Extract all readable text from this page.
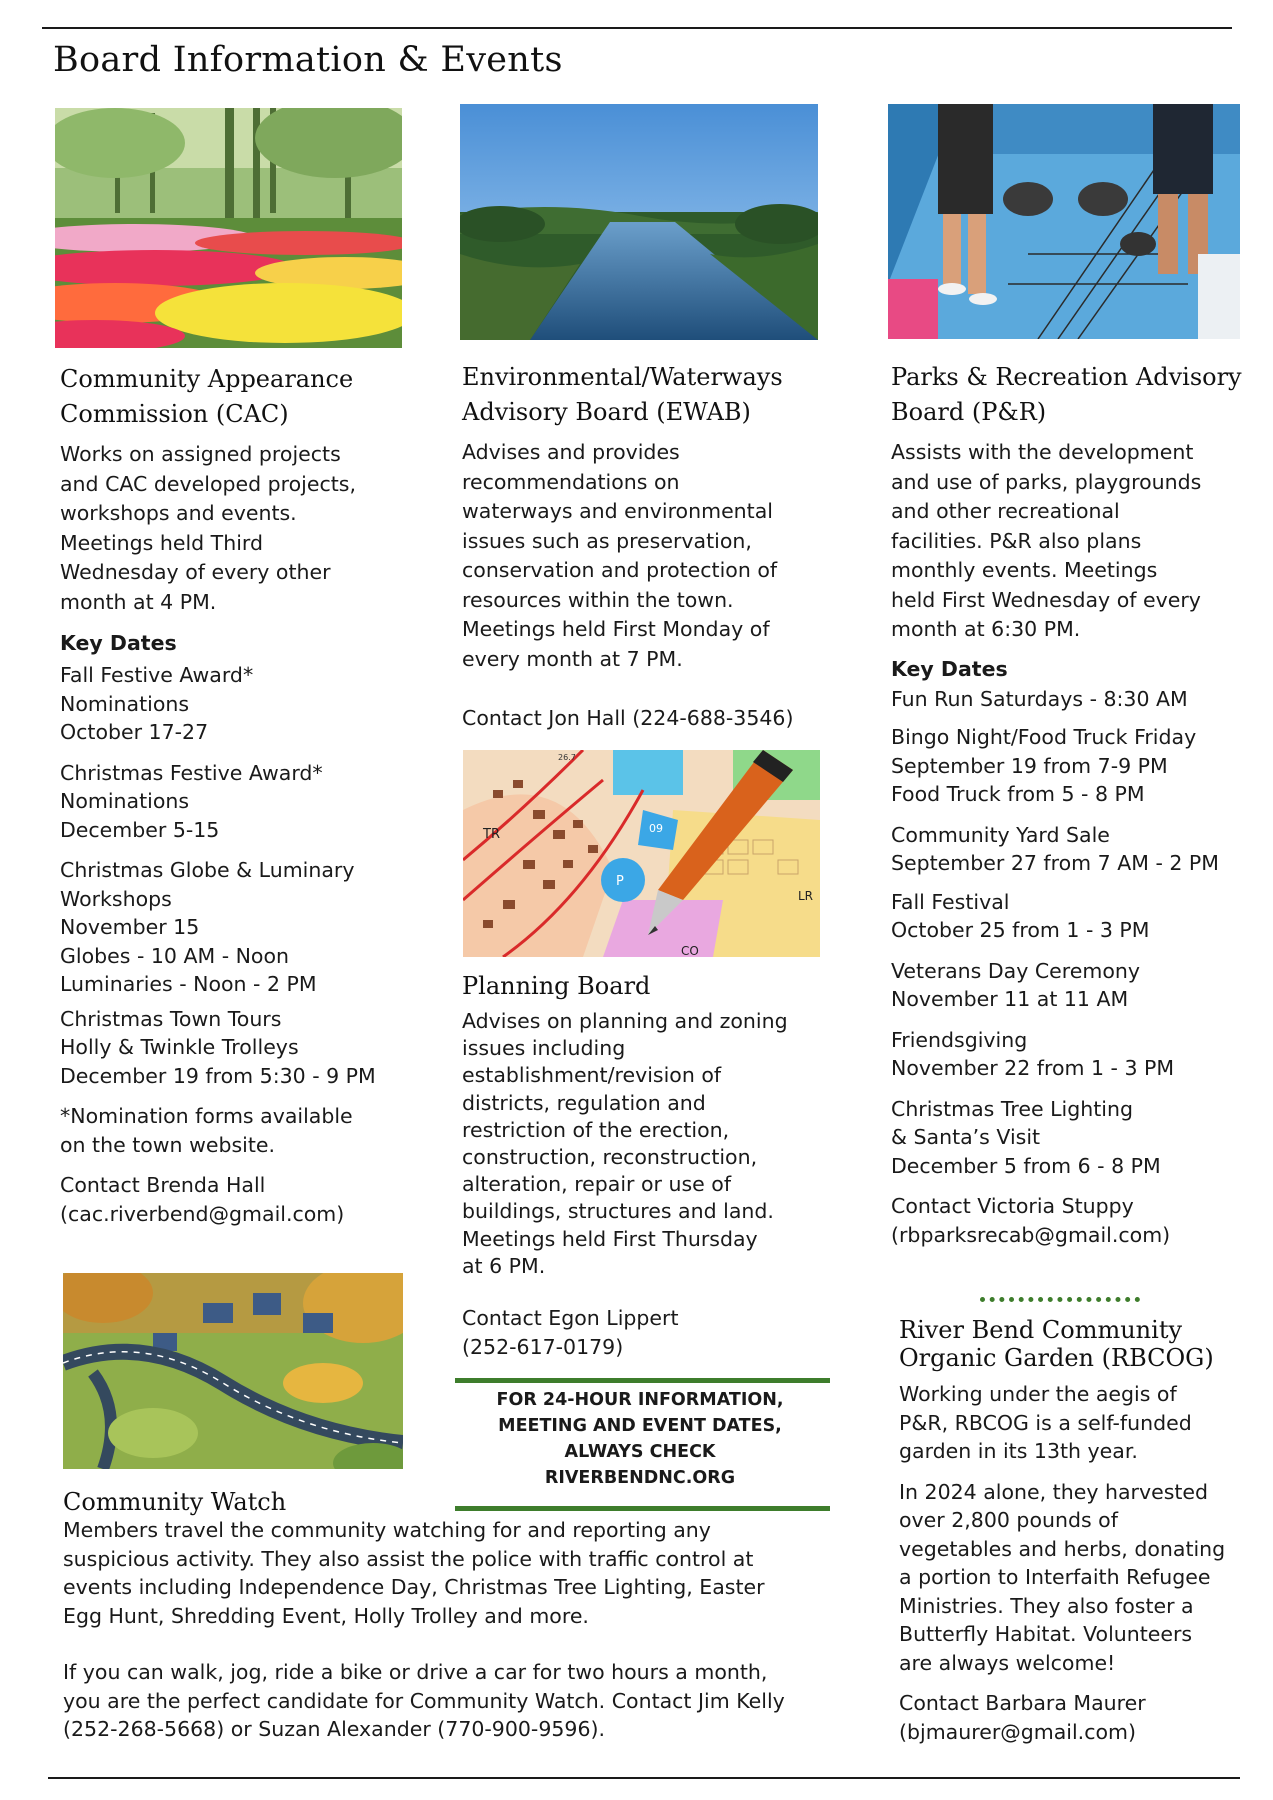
Board Information & Events
Community Appearance
Commission (CAC)

Works on assigned projects
and CAC developed projects,
workshops and events.
Meetings held Third
Wednesday of every other
month at 4 PM.

Key Dates

Fall Festive Award*
Nominations
October 17-27
Christmas Festive Award*
Nominations
December 5-15
Christmas Globe & Luminary
Workshops
November 15
Globes - 10 AM - Noon
Luminaries - Noon - 2 PM
Christmas Town Tours
Holly & Twinkle Trolleys
December 19 from 5:30 - 9 PM
*Nomination forms available
on the town website.
Contact Brenda Hall
(cac.riverbend@gmail.com)
Community Watch

Members travel the community watching for and reporting any
suspicious activity. They also assist the police with traffic control at
events including Independence Day, Christmas Tree Lighting, Easter
Egg Hunt, Shredding Event, Holly Trolley and more.

If you can walk, jog, ride a bike or drive a car for two hours a month,
you are the perfect candidate for Community Watch. Contact Jim Kelly
(252-268-5668) or Suzan Alexander (770-900-9596).

Environmental/Waterways
Advisory Board (EWAB)

Advises and provides
recommendations on
waterways and environmental
issues such as preservation,
conservation and protection of
resources within the town.
Meetings held First Monday of
every month at 7 PM.

Contact Jon Hall (224-688-3546)

26.7
TR
P
09
LR
CO
Planning Board

Advises on planning and zoning
issues including
establishment/revision of
districts, regulation and
restriction of the erection,
construction, reconstruction,
alteration, repair or use of
buildings, structures and land.
Meetings held First Thursday
at 6 PM.

Contact Egon Lippert
(252-617-0179)

FOR 24-HOUR INFORMATION,
MEETING AND EVENT DATES,
ALWAYS CHECK
RIVERBENDNC.ORG
Parks & Recreation Advisory
Board (P&R)

Assists with the development
and use of parks, playgrounds
and other recreational
facilities. P&R also plans
monthly events. Meetings
held First Wednesday of every
month at 6:30 PM.

Key Dates

Fun Run Saturdays - 8:30 AM
Bingo Night/Food Truck Friday
September 19 from 7-9 PM
Food Truck from 5 - 8 PM
Community Yard Sale
September 27 from 7 AM - 2 PM
Fall Festival
October 25 from 1 - 3 PM
Veterans Day Ceremony
November 11 at 11 AM
Friendsgiving
November 22 from 1 - 3 PM
Christmas Tree Lighting
& Santa’s Visit
December 5 from 6 - 8 PM
Contact Victoria Stuppy
(rbparksrecab@gmail.com)
River Bend Community
Organic Garden (RBCOG)

Working under the aegis of
P&R, RBCOG is a self-funded
garden in its 13th year.

In 2024 alone, they harvested
over 2,800 pounds of
vegetables and herbs, donating
a portion to Interfaith Refugee
Ministries. They also foster a
Butterfly Habitat. Volunteers
are always welcome!

Contact Barbara Maurer
(bjmaurer@gmail.com)
